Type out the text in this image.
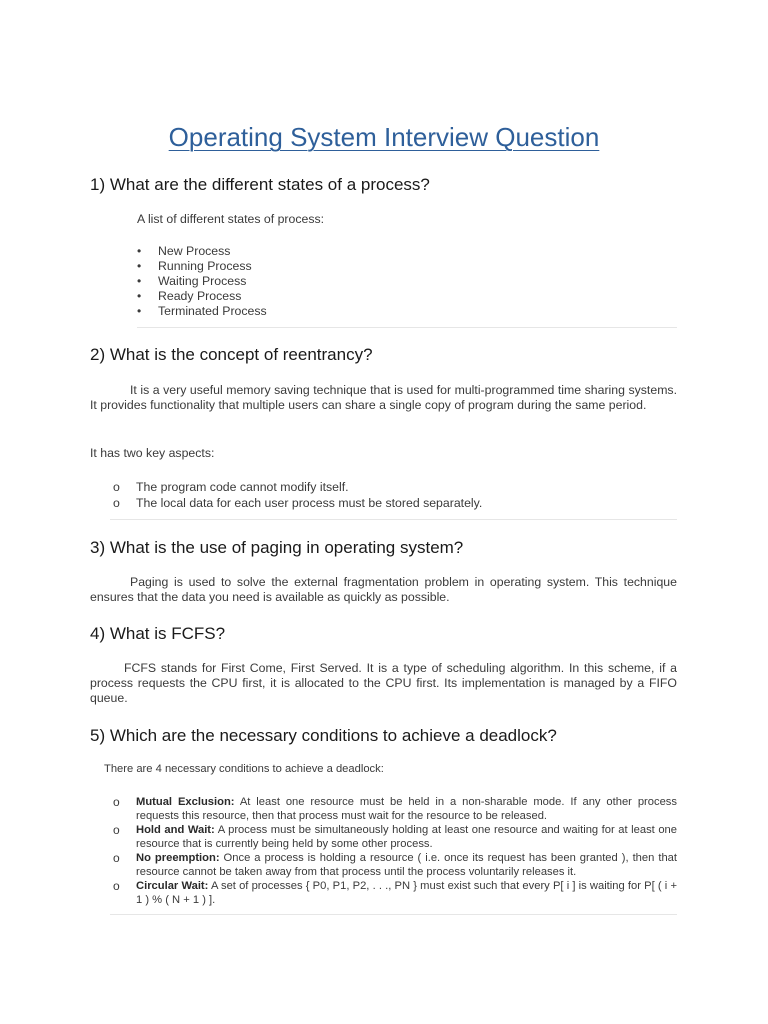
Operating System Interview Question
1) What are the different states of a process?
A list of different states of process:
• New Process
• Running Process
• Waiting Process
• Ready Process
• Terminated Process
2) What is the concept of reentrancy?
It is a very useful memory saving technique that is used for multi-programmed time sharing systems. It provides functionality that multiple users can share a single copy of program during the same period.
It has two key aspects:
o The program code cannot modify itself.
o The local data for each user process must be stored separately.
3) What is the use of paging in operating system?
Paging is used to solve the external fragmentation problem in operating system. This technique ensures that the data you need is available as quickly as possible.
4) What is FCFS?
FCFS stands for First Come, First Served. It is a type of scheduling algorithm. In this scheme, if a process requests the CPU first, it is allocated to the CPU first. Its implementation is managed by a FIFO queue.
5) Which are the necessary conditions to achieve a deadlock?
There are 4 necessary conditions to achieve a deadlock:
o Mutual Exclusion: At least one resource must be held in a non-sharable mode. If any other process requests this resource, then that process must wait for the resource to be released.
o Hold and Wait: A process must be simultaneously holding at least one resource and waiting for at least one resource that is currently being held by some other process.
o No preemption: Once a process is holding a resource ( i.e. once its request has been granted ), then that resource cannot be taken away from that process until the process voluntarily releases it.
o Circular Wait: A set of processes { P0, P1, P2, . . ., PN } must exist such that every P[ i ] is waiting for P[ ( i + 1 ) % ( N + 1 ) ].
